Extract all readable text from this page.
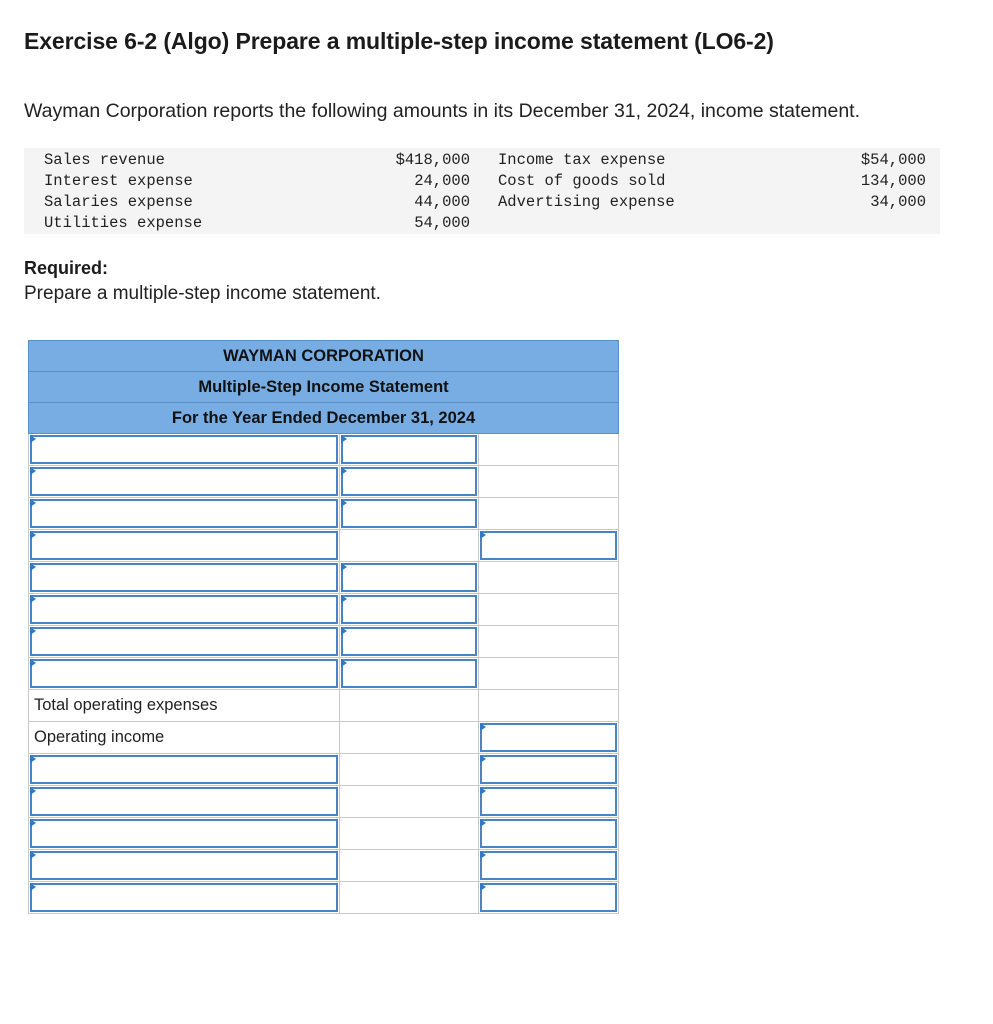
Exercise 6-2 (Algo) Prepare a multiple-step income statement (LO6-2)
Wayman Corporation reports the following amounts in its December 31, 2024, income statement.
Sales revenue	$418,000 Income tax expense	$54,000
Interest expense	24,000 Cost of goods sold	134,000
Salaries expense	44,000 Advertising expense	34,000
Utilities expense	54,000
Required:
Prepare a multiple-step income statement.
WAYMAN CORPORATION
Multiple-Step Income Statement
For the Year Ended December 31, 2024
Total operating expenses
Operating income
